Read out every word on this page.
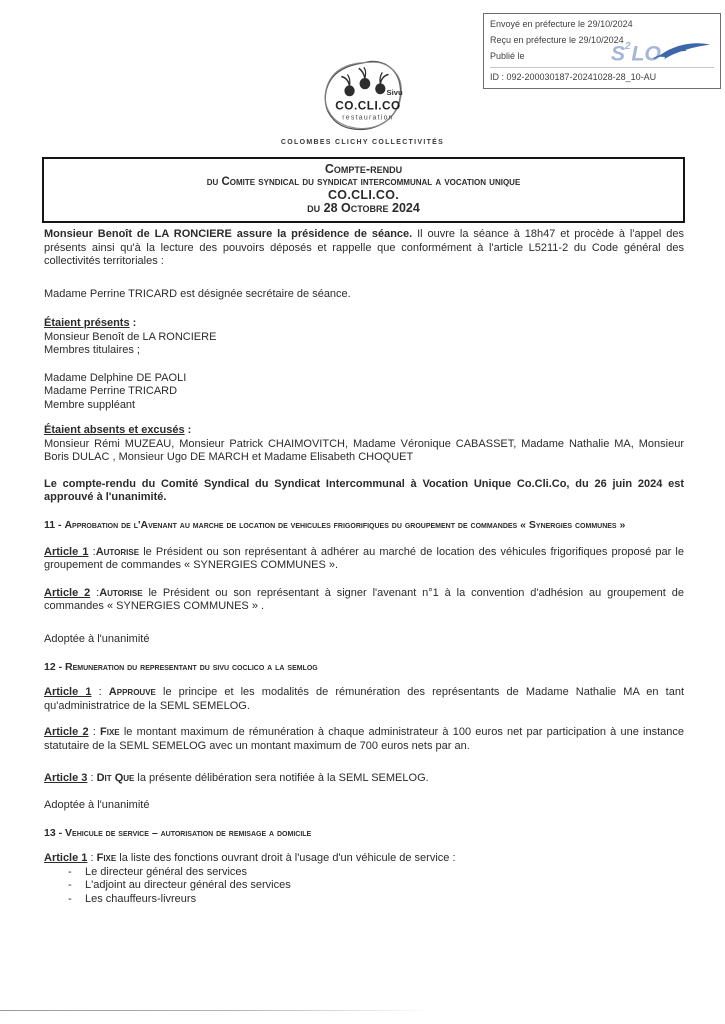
Envoyé en préfecture le 29/10/2024
Reçu en préfecture le 29/10/2024
Publié le
ID : 092-200030187-20241028-28_10-AU
S 2 LO
Sivu
CO.CLI.CO
restauration
COLOMBES CLICHY COLLECTIVITÉS
Compte-rendu
du Comite syndical du syndicat intercommunal a vocation unique
CO.CLI.CO.
du 28 Octobre 2024

Monsieur Benoît de LA RONCIERE assure la présidence de séance. Il ouvre la séance à 18h47 et procède à l'appel des présents ainsi qu'à la lecture des pouvoirs déposés et rappelle que conformément à l'article L5211-2 du Code général des collectivités territoriales :

Madame Perrine TRICARD est désignée secrétaire de séance.

Étaient présents :
Monsieur Benoît de LA RONCIERE
Membres titulaires ;
Madame Delphine DE PAOLI
Madame Perrine TRICARD
Membre suppléant
Étaient absents et excusés :
Monsieur Rémi MUZEAU, Monsieur Patrick CHAIMOVITCH, Madame Véronique CABASSET, Madame Nathalie MA, Monsieur Boris DULAC , Monsieur Ugo DE MARCH et Madame Elisabeth CHOQUET

Le compte-rendu du Comité Syndical du Syndicat Intercommunal à Vocation Unique Co.Cli.Co, du 26 juin 2024 est approuvé à l'unanimité.

11 - Approbation de l'Avenant au marche de location de vehicules frigorifiques du groupement de commandes « Synergies communes »

Article 1 :Autorise le Président ou son représentant à adhérer au marché de location des véhicules frigorifiques proposé par le groupement de commandes « SYNERGIES COMMUNES ».

Article 2 :Autorise le Président ou son représentant à signer l'avenant n°1 à la convention d'adhésion au groupement de commandes « SYNERGIES COMMUNES » .

Adoptée à l'unanimité

12 - Remuneration du representant du sivu coclico a la semlog

Article 1 : Approuve le principe et les modalités de rémunération des représentants de Madame Nathalie MA en tant qu'administratrice de la SEML SEMELOG.

Article 2 : Fixe le montant maximum de rémunération à chaque administrateur à 100 euros net par participation à une instance statutaire de la SEML SEMELOG avec un montant maximum de 700 euros nets par an.

Article 3 : Dit Que la présente délibération sera notifiée à la SEML SEMELOG.

Adoptée à l'unanimité

13 - Vehicule de service – autorisation de remisage a domicile

Article 1 : Fixe la liste des fonctions ouvrant droit à l'usage d'un véhicule de service :

- Le directeur général des services
- L'adjoint au directeur général des services
- Les chauffeurs-livreurs
